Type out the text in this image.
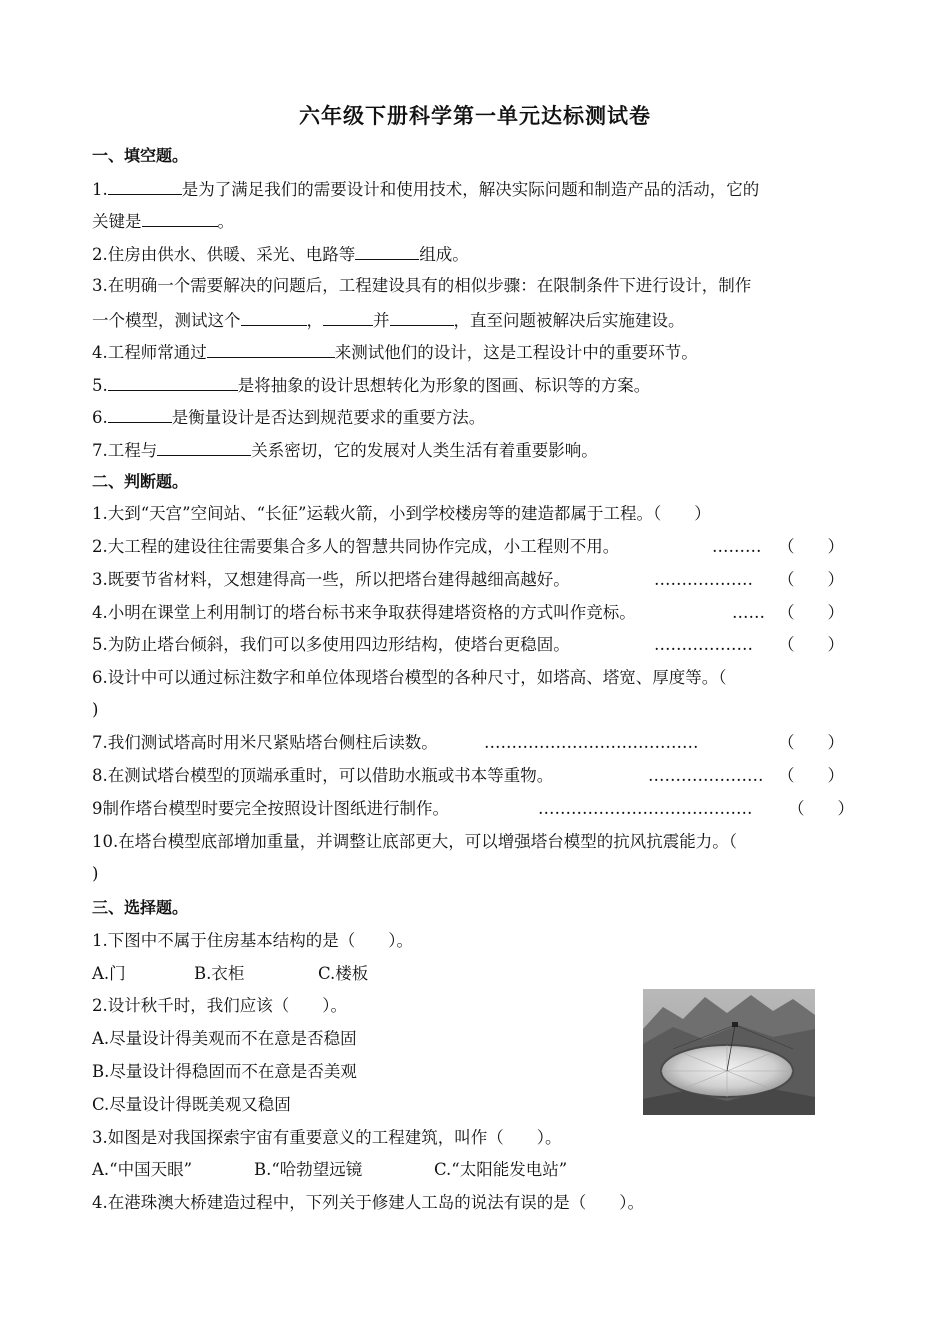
六年级下册科学第一单元达标测试卷
一、填空题。
1.	是为了满足我们的需要设计和使用技术，解决实际问题和制造产品的活动，它的
关键是	。
2.住房由供水、供暖、采光、电路等	组成。
3.在明确一个需要解决的问题后，工程建设具有的相似步骤：在限制条件下进行设计，制作
一个模型，测试这个	，	并	，直至问题被解决后实施建设。
4.工程师常通过	来测试他们的设计，这是工程设计中的重要环节。
5.	是将抽象的设计思想转化为形象的图画、标识等的方案。
6.	是衡量设计是否达到规范要求的重要方法。
7.工程与	关系密切，它的发展对人类生活有着重要影响。
二、判断题。
1.大到“天宫”空间站、“长征”运载火箭，小到学校楼房等的建造都属于工程。（　　）
2.大工程的建设往往需要集合多人的智慧共同协作完成，小工程则不用。	……… （　　）
3.既要节省材料，又想建得高一些，所以把塔台建得越细高越好。	……………… （　　）
4.小明在课堂上利用制订的塔台标书来争取获得建塔资格的方式叫作竞标。	…… （　　）
5.为防止塔台倾斜，我们可以多使用四边形结构，使塔台更稳固。	……………… （　　）
6.设计中可以通过标注数字和单位体现塔台模型的各种尺寸，如塔高、塔宽、厚度等。（
)
7.我们测试塔高时用米尺紧贴塔台侧柱后读数。	…………………………………	（　　）
8.在测试塔台模型的顶端承重时，可以借助水瓶或书本等重物。	………………… （　　）
9制作塔台模型时要完全按照设计图纸进行制作。	………………………………… （　　）
10.在塔台模型底部增加重量，并调整让底部更大，可以增强塔台模型的抗风抗震能力。（
)
三、选择题。
1.下图中不属于住房基本结构的是（　　）。
A.门	B.衣柜	C.楼板
2.设计秋千时，我们应该（　　）。
A.尽量设计得美观而不在意是否稳固
B.尽量设计得稳固而不在意是否美观
C.尽量设计得既美观又稳固
3.如图是对我国探索宇宙有重要意义的工程建筑，叫作（　　）。
A.“中国天眼”	B.“哈勃望远镜	C.“太阳能发电站”
4.在港珠澳大桥建造过程中，下列关于修建人工岛的说法有误的是（　　）。
